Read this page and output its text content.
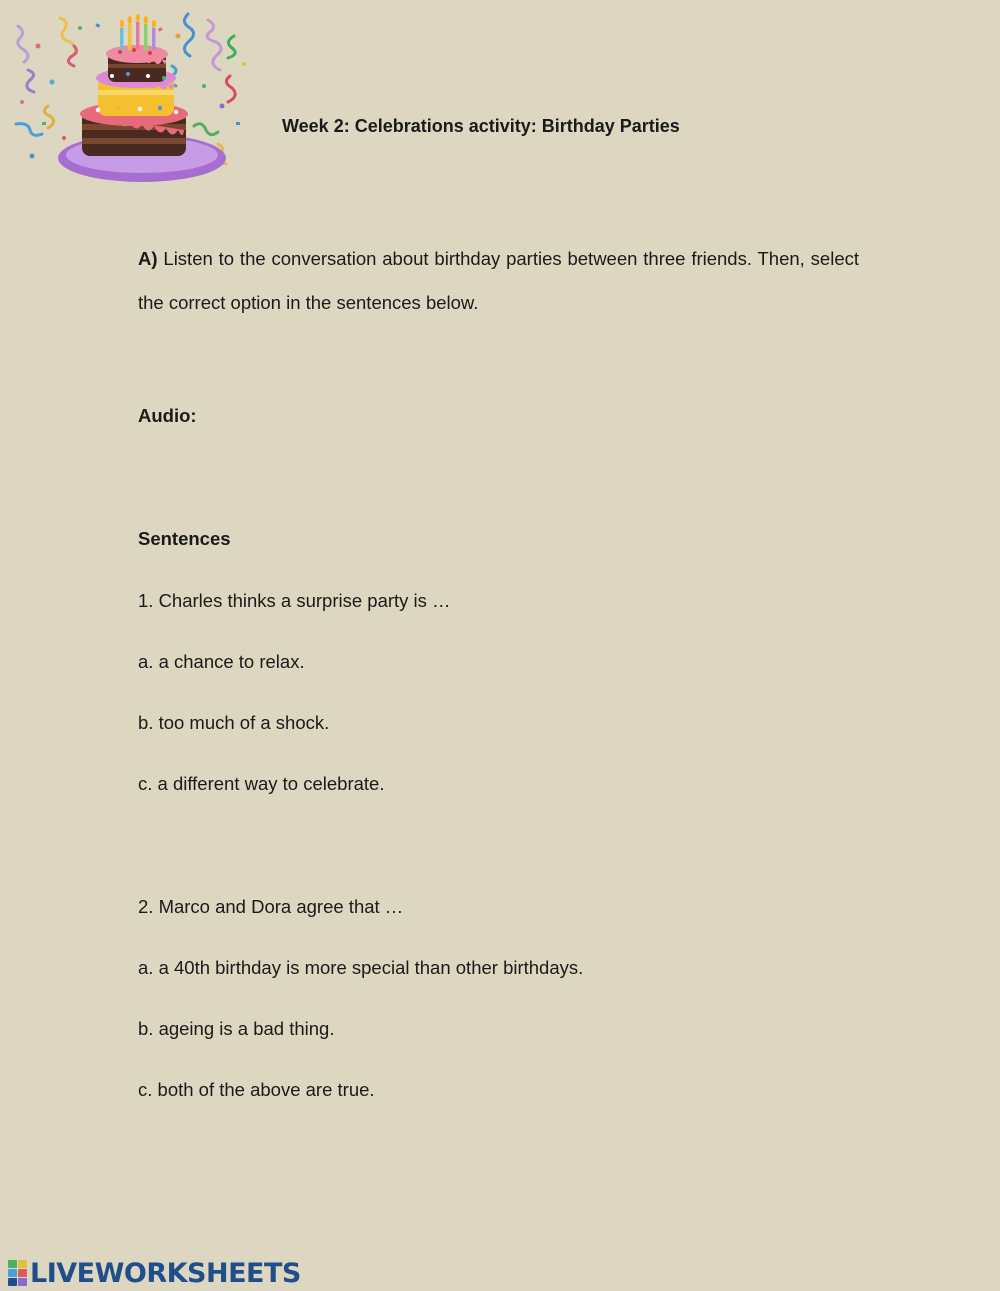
Week 2: Celebrations activity: Birthday Parties
A) Listen to the conversation about birthday parties between three friends. Then, select the correct option in the sentences below.
Audio:
Sentences
1. Charles thinks a surprise party is …
a. a chance to relax.
b. too much of a shock.
c. a different way to celebrate.
2. Marco and Dora agree that …
a. a 40th birthday is more special than other birthdays.
b. ageing is a bad thing.
c. both of the above are true.
LIVEWORKSHEETS
